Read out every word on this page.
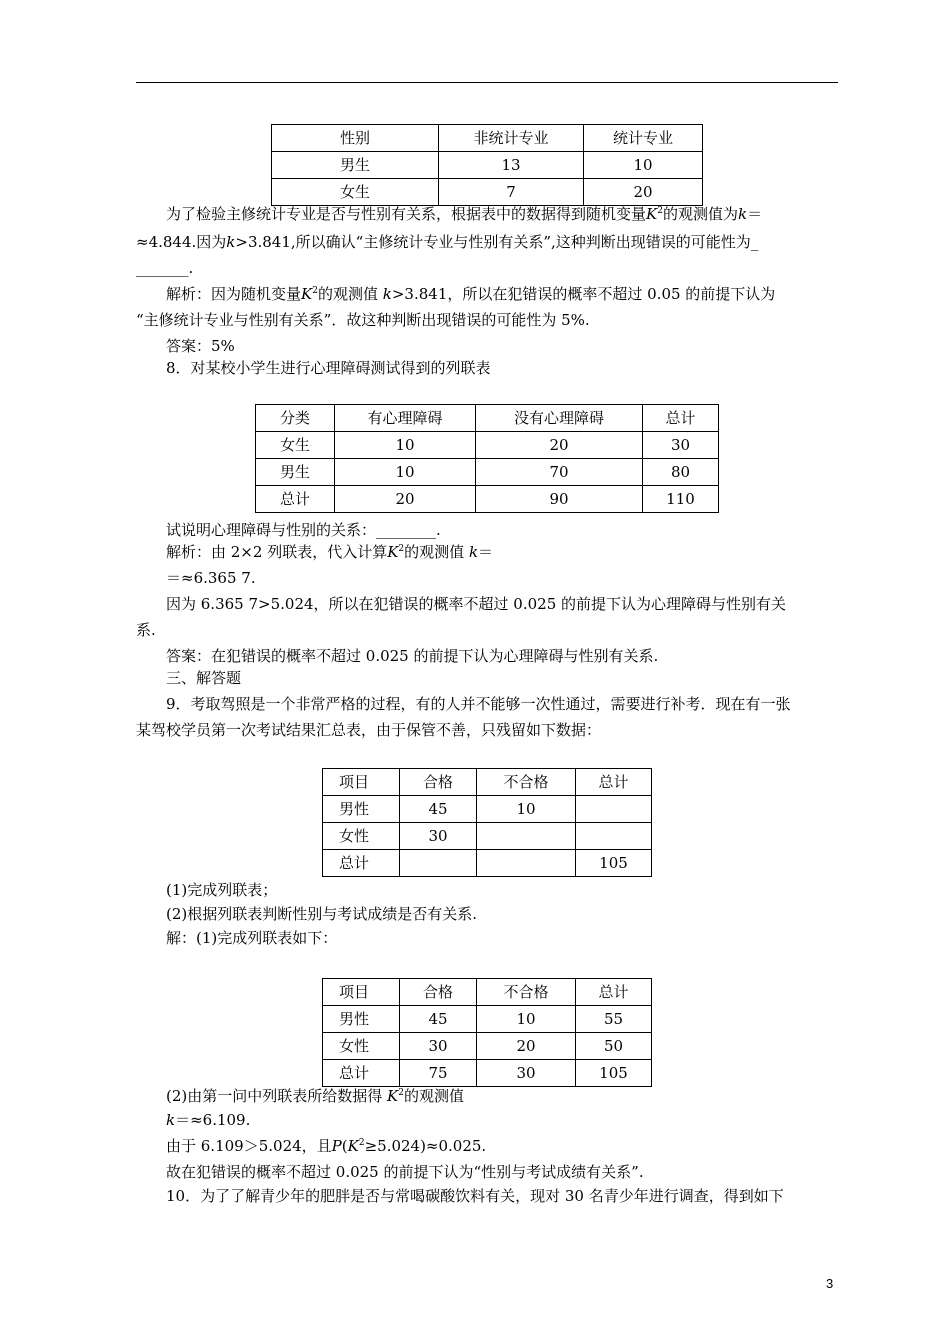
性别	非统计专业	统计专业
男生	13	10
女生	7	20
为了检验主修统计专业是否与性别有关系，根据表中的数据得到随机变量$K^2$的观测值为k＝
≈4.844.因为k>3.841,所以确认“主修统计专业与性别有关系”,这种判断出现错误的可能性为_
_______.
解析：因为随机变量$K^2$的观测值 k>3.841，所以在犯错误的概率不超过 0.05 的前提下认为
“主修统计专业与性别有关系”．故这种判断出现错误的可能性为 5%.
答案：5%
8．对某校小学生进行心理障碍测试得到的列联表
分类	有心理障碍	没有心理障碍	总计
女生	10	20	30
男生	10	70	80
总计	20	90	110
试说明心理障碍与性别的关系：________.
解析：由 2×2 列联表，代入计算$K^2$的观测值 k＝
＝≈6.365 7.
因为 6.365 7>5.024，所以在犯错误的概率不超过 0.025 的前提下认为心理障碍与性别有关
系.
答案：在犯错误的概率不超过 0.025 的前提下认为心理障碍与性别有关系.
三、解答题
9．考取驾照是一个非常严格的过程，有的人并不能够一次性通过，需要进行补考．现在有一张
某驾校学员第一次考试结果汇总表，由于保管不善，只残留如下数据：
项目	合格	不合格	总计
男性	45	10	
女性	30		
总计			105
(1)完成列联表；
(2)根据列联表判断性别与考试成绩是否有关系.
解：(1)完成列联表如下：
项目	合格	不合格	总计
男性	45	10	55
女性	30	20	50
总计	75	30	105
(2)由第一问中列联表所给数据得 $K^2$的观测值
k＝≈6.109.
由于 6.109＞5.024，且$P(K^2\ge 5.024)\approx 0.025$.
故在犯错误的概率不超过 0.025 的前提下认为“性别与考试成绩有关系”.
10．为了了解青少年的肥胖是否与常喝碳酸饮料有关，现对 30 名青少年进行调查，得到如下
3
